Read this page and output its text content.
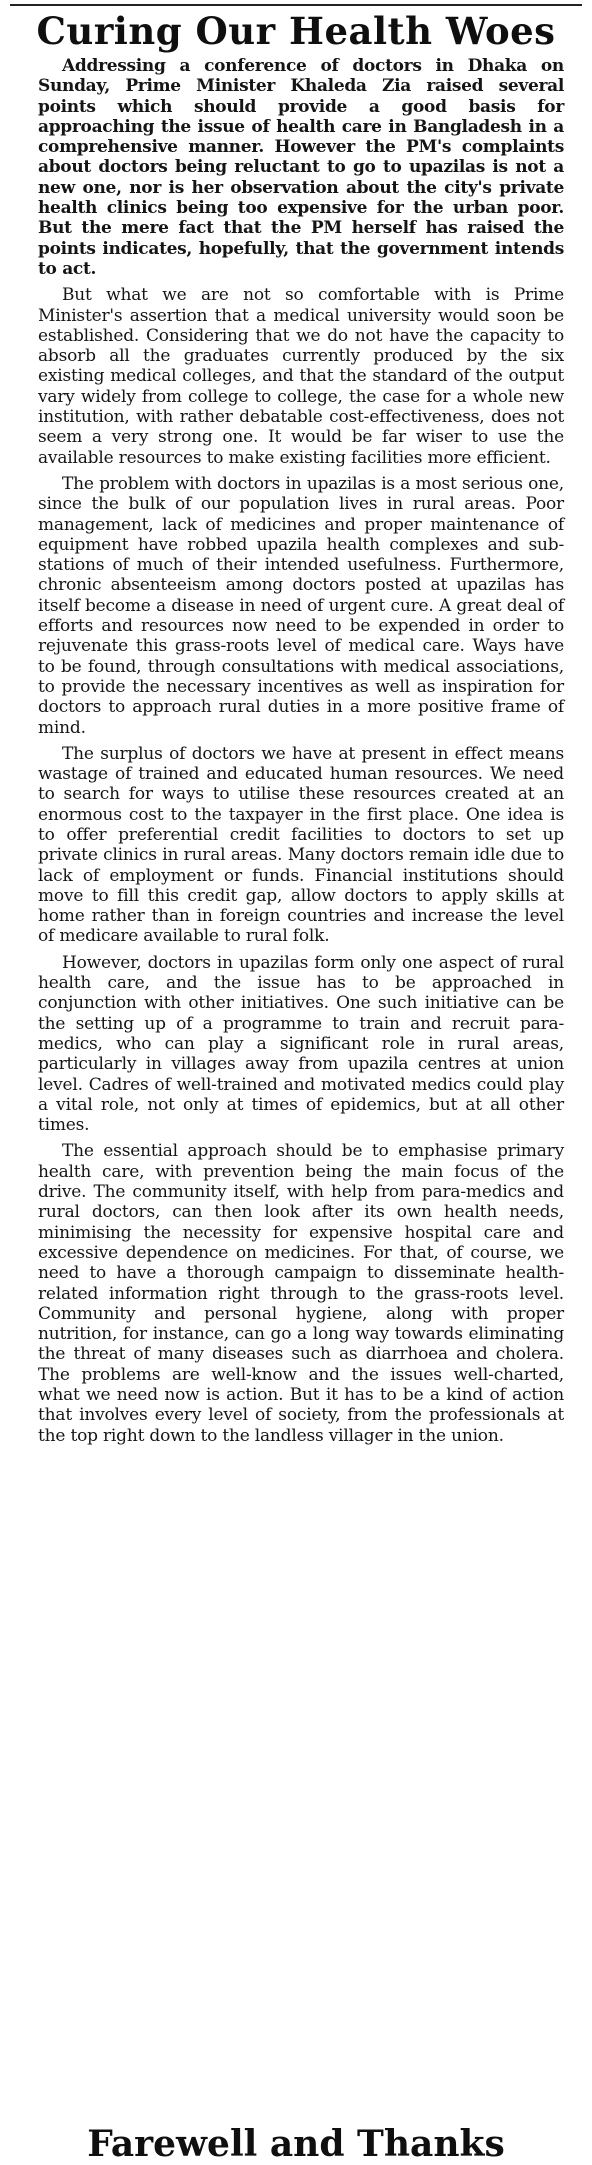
Curing Our Health Woes

Addressing a conference of doctors in Dhaka on Sunday, Prime Minister Khaleda Zia raised several points which should provide a good basis for approaching the issue of health care in Bangladesh in a comprehensive manner. However the PM's complaints about doctors being reluctant to go to upazilas is not a new one, nor is her observation about the city's private health clinics being too expensive for the urban poor. But the mere fact that the PM herself has raised the points indicates, hopefully, that the government intends to act.

But what we are not so comfortable with is Prime Minister's assertion that a medical university would soon be established. Considering that we do not have the capacity to absorb all the graduates currently produced by the six existing medical colleges, and that the standard of the output vary widely from college to college, the case for a whole new institution, with rather debatable cost-effectiveness, does not seem a very strong one. It would be far wiser to use the available resources to make existing facilities more efficient.

The problem with doctors in upazilas is a most serious one, since the bulk of our population lives in rural areas. Poor management, lack of medicines and proper maintenance of equipment have robbed upazila health complexes and sub-stations of much of their intended usefulness. Furthermore, chronic absenteeism among doctors posted at upazilas has itself become a disease in need of urgent cure. A great deal of efforts and resources now need to be expended in order to rejuvenate this grass-roots level of medical care. Ways have to be found, through consultations with medical associations, to provide the necessary incentives as well as inspiration for doctors to approach rural duties in a more positive frame of mind.

The surplus of doctors we have at present in effect means wastage of trained and educated human resources. We need to search for ways to utilise these resources created at an enormous cost to the taxpayer in the first place. One idea is to offer preferential credit facilities to doctors to set up private clinics in rural areas. Many doctors remain idle due to lack of employment or funds. Financial institutions should move to fill this credit gap, allow doctors to apply skills at home rather than in foreign countries and increase the level of medicare available to rural folk.

However, doctors in upazilas form only one aspect of rural health care, and the issue has to be approached in conjunction with other initiatives. One such initiative can be the setting up of a programme to train and recruit para-medics, who can play a significant role in rural areas, particularly in villages away from upazila centres at union level. Cadres of well-trained and motivated medics could play a vital role, not only at times of epidemics, but at all other times.

The essential approach should be to emphasise primary health care, with prevention being the main focus of the drive. The community itself, with help from para-medics and rural doctors, can then look after its own health needs, minimising the necessity for expensive hospital care and excessive dependence on medicines. For that, of course, we need to have a thorough campaign to disseminate health-related information right through to the grass-roots level. Community and personal hygiene, along with proper nutrition, for instance, can go a long way towards eliminating the threat of many diseases such as diarrhoea and cholera. The problems are well-know and the issues well-charted, what we need now is action. But it has to be a kind of action that involves every level of society, from the professionals at the top right down to the landless villager in the union.

Farewell and Thanks
